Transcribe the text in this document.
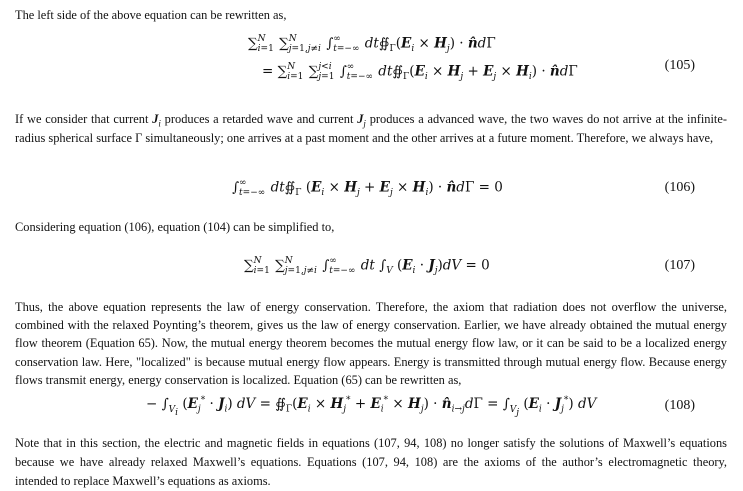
The left side of the above equation can be rewritten as,

∑ N
i=1 ∑ N
j=1,j≠i ∫ ∞
t=−∞ $dt∯_\Gamma(E_i \times H_j)$ · n̂dΓ
= ∑ N
i=1 ∑ j<i
j=1 ∫ ∞
t=−∞ $dt∯_\Gamma(E_i \times H_j + E_j \times H_i)$ · n̂dΓ	(105)

If we consider that current $J_i$ produces a retarded wave and current $J_j$ produces a advanced wave, the two waves do not arrive at the infinite-radius spherical surface Γ simultaneously; one arrives at a past moment and the other arrives at a future moment. Therefore, we always have,

∫ ∞
t=−∞ $dt∯_\Gamma$ $(E_i \times H_j + E_j \times H_i)$ · n̂dΓ = 0	(106)

Considering equation (106), equation (104) can be simplified to,

∑ N
i=1 ∑ N
j=1,j≠i ∫ ∞
t=−∞ dt $\int_V$ $(E_i \cdot J_j)dV = 0$	(107)

Thus, the above equation represents the law of energy conservation. Therefore, the axiom that radiation does not overflow the universe, combined with the relaxed Poynting’s theorem, gives us the law of energy conservation. Earlier, we have already obtained the mutual energy flow theorem (Equation 65). Now, the mutual energy theorem becomes the mutual energy flow law, or it can be said to be a localized energy conservation law. Here, "localized" is because mutual energy flow appears. Energy is transmitted through mutual energy flow. Because energy flows transmit energy, energy conservation is localized. Equation (65) can be rewritten as,

− $\int_{V_i}$ $(E_j^* \cdot J_i)$ dV = $∯_\Gamma(E_i \times H_j^* + E_i^* \times H_j)$ · $n̂_{i\to j}d\Gamma = \int_{V_j}$ $(E_i \cdot J_j^*)$ dV	(108)

Note that in this section, the electric and magnetic fields in equations (107, 94, 108) no longer satisfy the solutions of Maxwell’s equations because we have already relaxed Maxwell’s equations. Equations (107, 94, 108) are the axioms of the author’s electromagnetic theory, intended to replace Maxwell’s equations as axioms.
